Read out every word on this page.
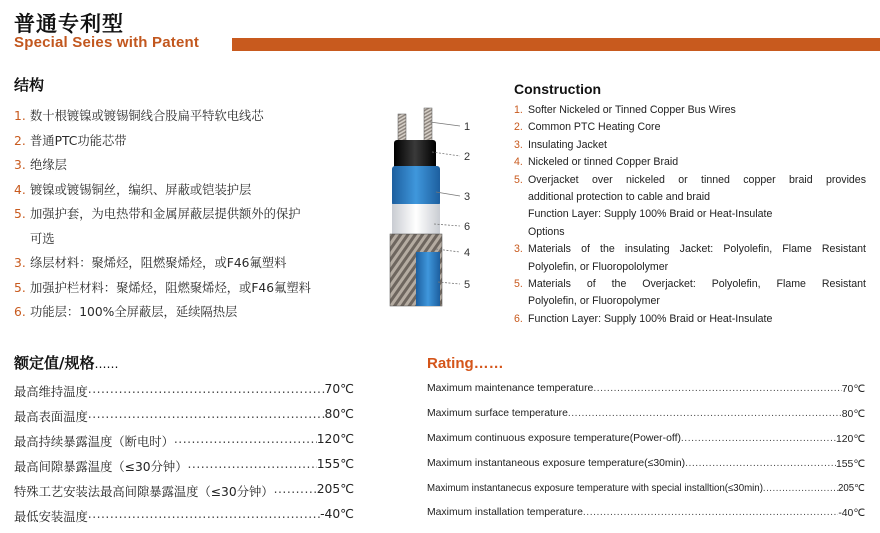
普通专利型
Special Seies with Patent
结构
1. 数十根镀镍或镀锡铜线合股扁平特软电线芯
2. 普通PTC功能芯带
3. 绝缘层
4. 镀镍或镀锡铜丝，编织、屏蔽或铠装护层
5. 加强护套，为电热带和金属屏蔽层提供额外的保护
可选
3. 绦层材料：聚烯烃，阻燃聚烯烃，或F46氟塑料
5. 加强护栏材料：聚烯烃，阻燃聚烯烃，或F46氟塑料
6. 功能层：100%全屏蔽层，延续隔热层
1
2
3
6
4
5
Construction
1. Softer Nickeled or Tinned Copper Bus Wires
2. Common PTC Heating Core
3. Insulating Jacket
4. Nickeled or tinned Copper Braid
5. Overjacket over nickeled or tinned copper braid provides
additional protection to cable and braid
Function Layer: Supply 100% Braid or Heat-Insulate
Options
3. Materials of the insulating Jacket: Polyolefin, Flame Resistant
Polyolefin, or Fluoropololymer
5. Materials of the Overjacket: Polyolefin, Flame Resistant
Polyolefin, or Fluoropolymer
6. Function Layer: Supply 100% Braid or Heat-Insulate
额定值/规格……
最高维持温度 .....	70℃
最高表面温度 .....	80℃
最高持续暴露温度（断电时） .....	120℃
最高间隙暴露温度（≤30分钟） .....	155℃
特殊工艺安装法最高间隙暴露温度（≤30分钟） .....	205℃
最低安装温度 .....	-40℃
Rating……
Maximum maintenance temperature .....	70℃
Maximum surface temperature .....	80℃
Maximum continuous exposure temperature(Power-off) .....	120℃
Maximum instantaneous exposure temperature(≤30min) .....	155℃
Maximum instantanecus exposure temperature with special installtion(≤30min) .....	205℃
Maximum installation temperature .....	-40℃
